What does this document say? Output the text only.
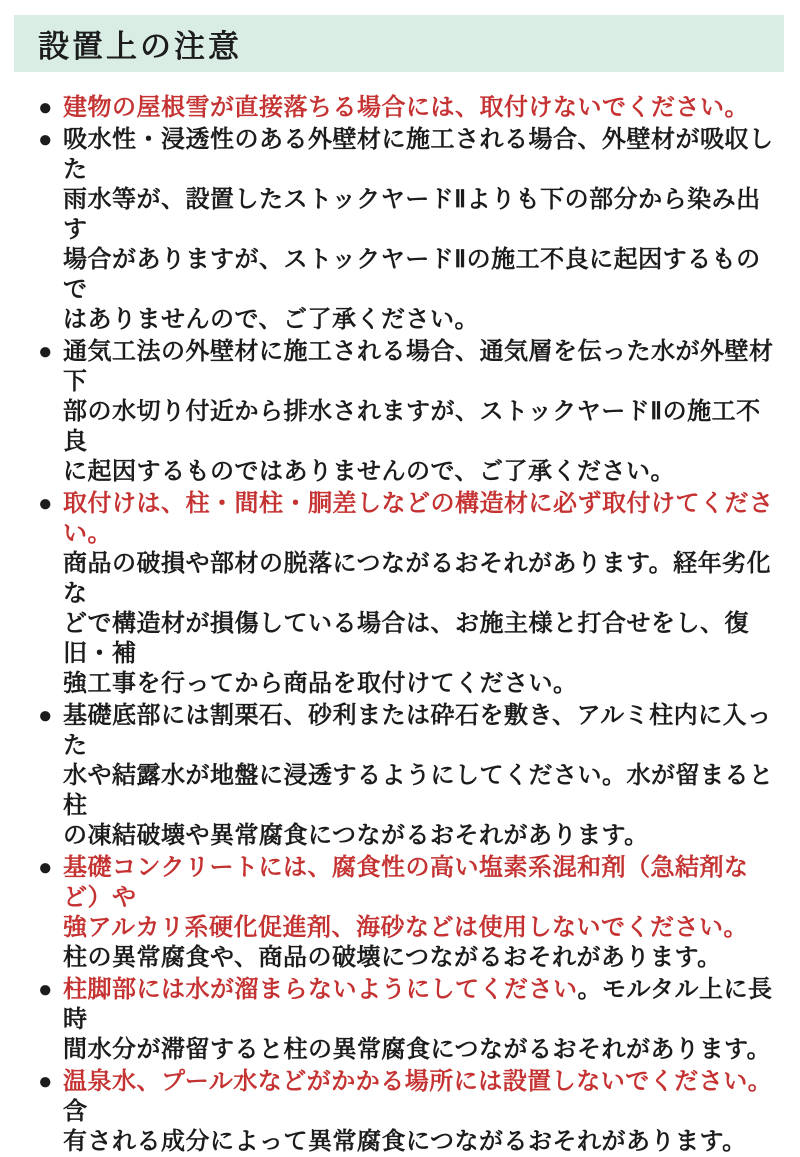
設置上の注意
● 建物の屋根雪が直接落ちる場合には、取付けないでください。
● 吸水性・浸透性のある外壁材に施工される場合、外壁材が吸収した
雨水等が、設置したストックヤードⅡよりも下の部分から染み出す
場合がありますが、ストックヤードⅡの施工不良に起因するもので
はありませんので、ご了承ください。
● 通気工法の外壁材に施工される場合、通気層を伝った水が外壁材下
部の水切り付近から排水されますが、ストックヤードⅡの施工不良
に起因するものではありませんので、ご了承ください。
● 取付けは、柱・間柱・胴差しなどの構造材に必ず取付けてください。
商品の破損や部材の脱落につながるおそれがあります。経年劣化な
どで構造材が損傷している場合は、お施主様と打合せをし、復旧・補
強工事を行ってから商品を取付けてください。
● 基礎底部には割栗石、砂利または砕石を敷き、アルミ柱内に入った
水や結露水が地盤に浸透するようにしてください。水が留まると柱
の凍結破壊や異常腐食につながるおそれがあります。
● 基礎コンクリートには、腐食性の高い塩素系混和剤（急結剤など）や
強アルカリ系硬化促進剤、海砂などは使用しないでください。
柱の異常腐食や、商品の破壊につながるおそれがあります。
● 柱脚部には水が溜まらないようにしてください。モルタル上に長時
間水分が滞留すると柱の異常腐食につながるおそれがあります。
● 温泉水、プール水などがかかる場所には設置しないでください。含
有される成分によって異常腐食につながるおそれがあります。
